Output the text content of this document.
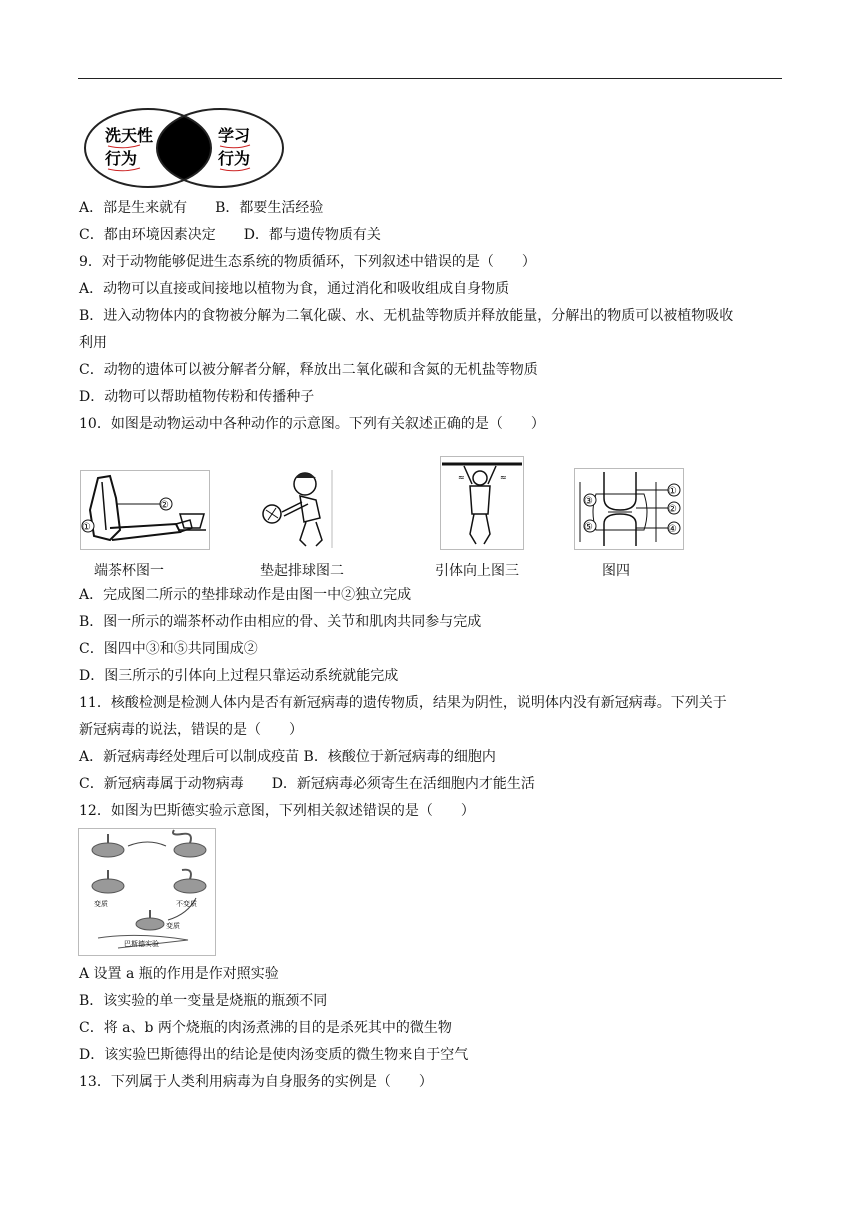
洗天性
行为
学习
行为
A．部是生来就有　　B．都要生活经验
C．都由环境因素决定　　D．都与遗传物质有关
9．对于动物能够促进生态系统的物质循环，下列叙述中错误的是（　　）
A．动物可以直接或间接地以植物为食，通过消化和吸收组成自身物质
B．进入动物体内的食物被分解为二氧化碳、水、无机盐等物质并释放能量，分解出的物质可以被植物吸收
利用
C．动物的遗体可以被分解者分解，释放出二氧化碳和含氮的无机盐等物质
D．动物可以帮助植物传粉和传播种子
10．如图是动物运动中各种动作的示意图。下列有关叙述正确的是（　　）
②
①
≈	≈
③
⑤
①
②
④
端茶杯图一	垫起排球图二	引体向上图三	图四
A．完成图二所示的垫排球动作是由图一中②独立完成
B．图一所示的端茶杯动作由相应的骨、关节和肌肉共同参与完成
C．图四中③和⑤共同围成②
D．图三所示的引体向上过程只靠运动系统就能完成
11．核酸检测是检测人体内是否有新冠病毒的遗传物质，结果为阴性，说明体内没有新冠病毒。下列关于
新冠病毒的说法，错误的是（　　）
A．新冠病毒经处理后可以制成疫苗 B．核酸位于新冠病毒的细胞内
C．新冠病毒属于动物病毒　　D．新冠病毒必须寄生在活细胞内才能生活
12．如图为巴斯德实验示意图，下列相关叙述错误的是（　　）
变质	不变质
变质
巴斯德实验
A 设置 a 瓶的作用是作对照实验
B．该实验的单一变量是烧瓶的瓶颈不同
C．将 a、b 两个烧瓶的肉汤煮沸的目的是杀死其中的微生物
D．该实验巴斯德得出的结论是使肉汤变质的微生物来自于空气
13．下列属于人类利用病毒为自身服务的实例是（　　）
